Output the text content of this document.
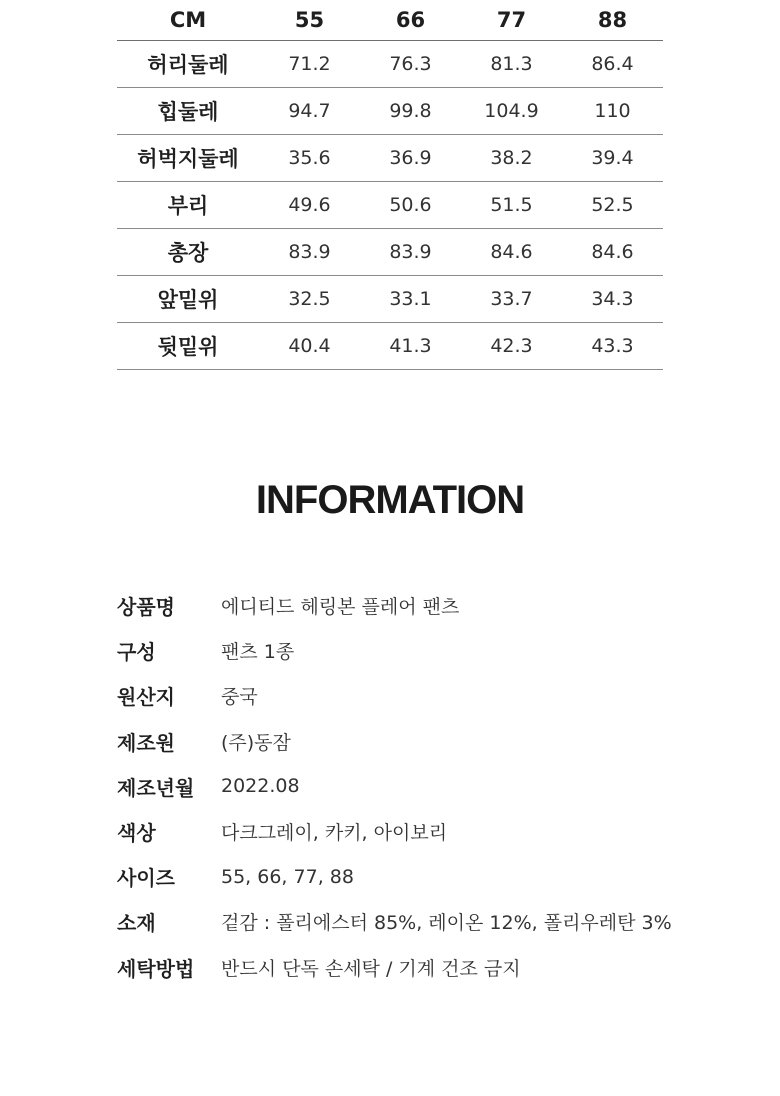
CM	55	66	77	88
허리둘레	71.2	76.3	81.3	86.4
힙둘레	94.7	99.8	104.9	110
허벅지둘레	35.6	36.9	38.2	39.4
부리	49.6	50.6	51.5	52.5
총장	83.9	83.9	84.6	84.6
앞밑위	32.5	33.1	33.7	34.3
뒷밑위	40.4	41.3	42.3	43.3
INFORMATION
상품명	에디티드 헤링본 플레어 팬츠
구성	팬츠 1종
원산지	중국
제조원	(주)동잠
제조년월	2022.08
색상	다크그레이, 카키, 아이보리
사이즈	55, 66, 77, 88
소재	겉감 : 폴리에스터 85%, 레이온 12%, 폴리우레탄 3%
세탁방법	반드시 단독 손세탁 / 기계 건조 금지
